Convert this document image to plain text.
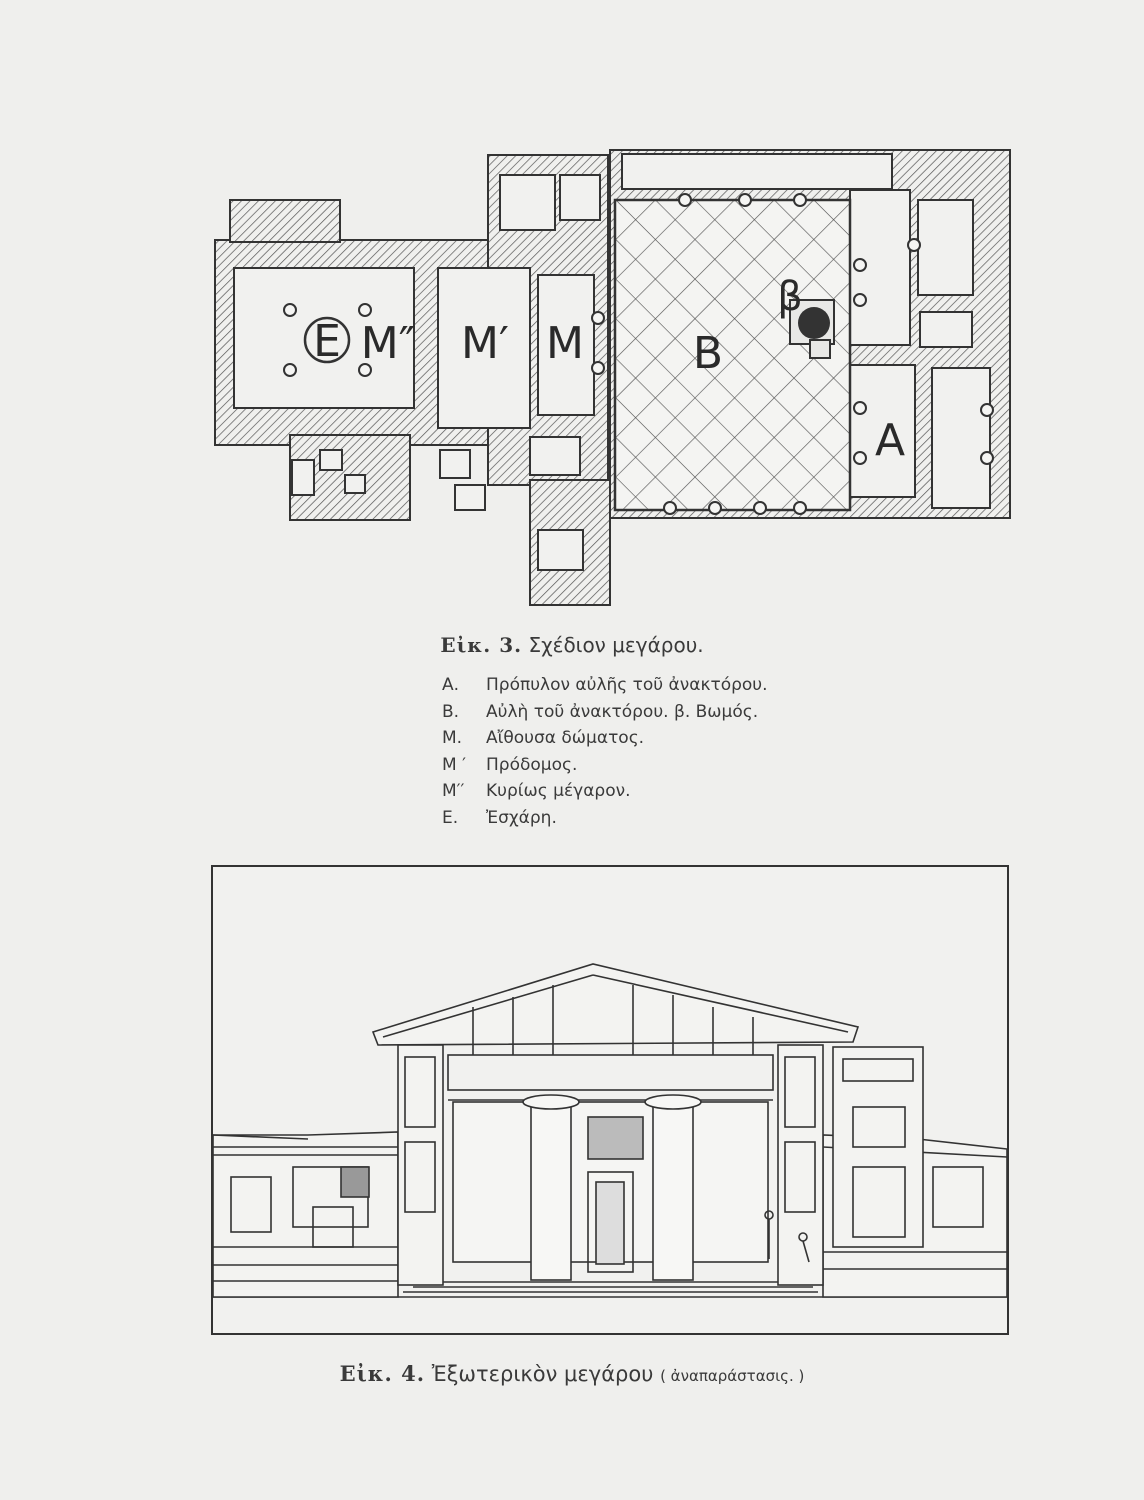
Ε Μ″ Μ′ Μ Β
β
Α
Εἰκ. 3. Σχέδιον μεγάρου.
Α.	Πρόπυλον αὐλῆς τοῦ ἀνακτόρου.
Β.	Αὐλὴ τοῦ ἀνακτόρου. β. Βωμός.
Μ.	Αἴθουσα δώματος.
Μ ′	Πρόδομος.
Μ′′	Κυρίως μέγαρον.
Ε.	Ἐσχάρη.
Εἰκ. 4. Ἐξωτερικὸν μεγάρου ( ἀναπαράστασις. )
